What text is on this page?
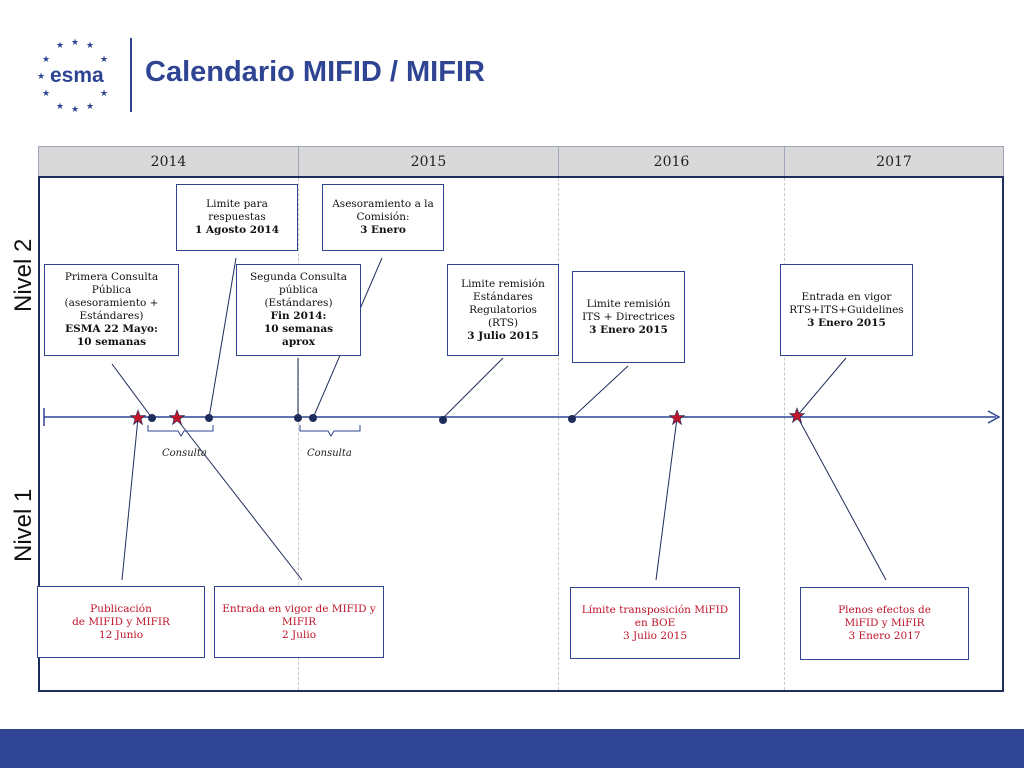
★ ★ ★
★	★
★
★	★
★ ★ ★
esma Calendario MIFID / MIFIR
2014	2015	2016	2017
Nivel 2
Nivel 1
Consulta	Consulta
Primera Consulta
Pública
(asesoramiento +
Estándares)
ESMA 22 Mayo:
10 semanas
Limite para
respuestas
1 Agosto 2014
Segunda Consulta
pública
(Estándares)
Fin 2014:
10 semanas
aprox
Asesoramiento a la
Comisión:
3 Enero
Limite remisión
Estándares
Regulatorios
(RTS)
3 Julio 2015
Limite remisión
ITS + Directrices
3 Enero 2015
Entrada en vigor
RTS+ITS+Guidelines
3 Enero 2015
Publicación
de MIFID y MIFIR
12 Junio
Entrada en vigor de MIFID y
MIFIR
2 Julio
Límite transposición MiFID
en BOE
3 Julio 2015
Plenos efectos de
MiFID y MiFIR
3 Enero 2017
